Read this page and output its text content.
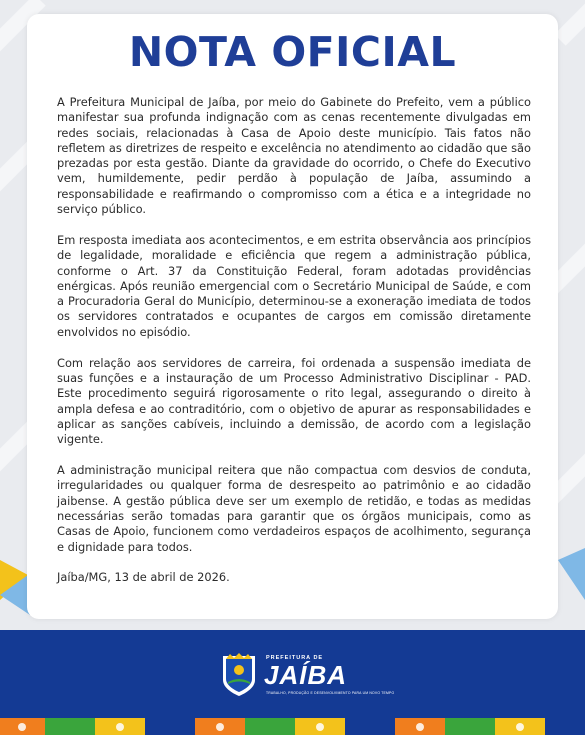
NOTA OFICIAL

A Prefeitura Municipal de Jaíba, por meio do Gabinete do Prefeito, vem a público manifestar sua profunda indignação com as cenas recentemente divulgadas em redes sociais, relacionadas à Casa de Apoio deste município. Tais fatos não refletem as diretrizes de respeito e excelência no atendimento ao cidadão que são prezadas por esta gestão. Diante da gravidade do ocorrido, o Chefe do Executivo vem, humildemente, pedir perdão à população de Jaíba, assumindo a responsabilidade e reafirmando o compromisso com a ética e a integridade no serviço público.

Em resposta imediata aos acontecimentos, e em estrita observância aos princípios de legalidade, moralidade e eficiência que regem a administração pública, conforme o Art. 37 da Constituição Federal, foram adotadas providências enérgicas. Após reunião emergencial com o Secretário Municipal de Saúde, e com a Procuradoria Geral do Município, determinou-se a exoneração imediata de todos os servidores contratados e ocupantes de cargos em comissão diretamente envolvidos no episódio.

Com relação aos servidores de carreira, foi ordenada a suspensão imediata de suas funções e a instauração de um Processo Administrativo Disciplinar - PAD. Este procedimento seguirá rigorosamente o rito legal, assegurando o direito à ampla defesa e ao contraditório, com o objetivo de apurar as responsabilidades e aplicar as sanções cabíveis, incluindo a demissão, de acordo com a legislação vigente.

A administração municipal reitera que não compactua com desvios de conduta, irregularidades ou qualquer forma de desrespeito ao patrimônio e ao cidadão jaibense. A gestão pública deve ser um exemplo de retidão, e todas as medidas necessárias serão tomadas para garantir que os órgãos municipais, como as Casas de Apoio, funcionem como verdadeiros espaços de acolhimento, segurança e dignidade para todos.

Jaíba/MG, 13 de abril de 2026.

PREFEITURA DE
JAÍBA
TRABALHO, PRODUÇÃO E DESENVOLVIMENTO PARA UM NOVO TEMPO
